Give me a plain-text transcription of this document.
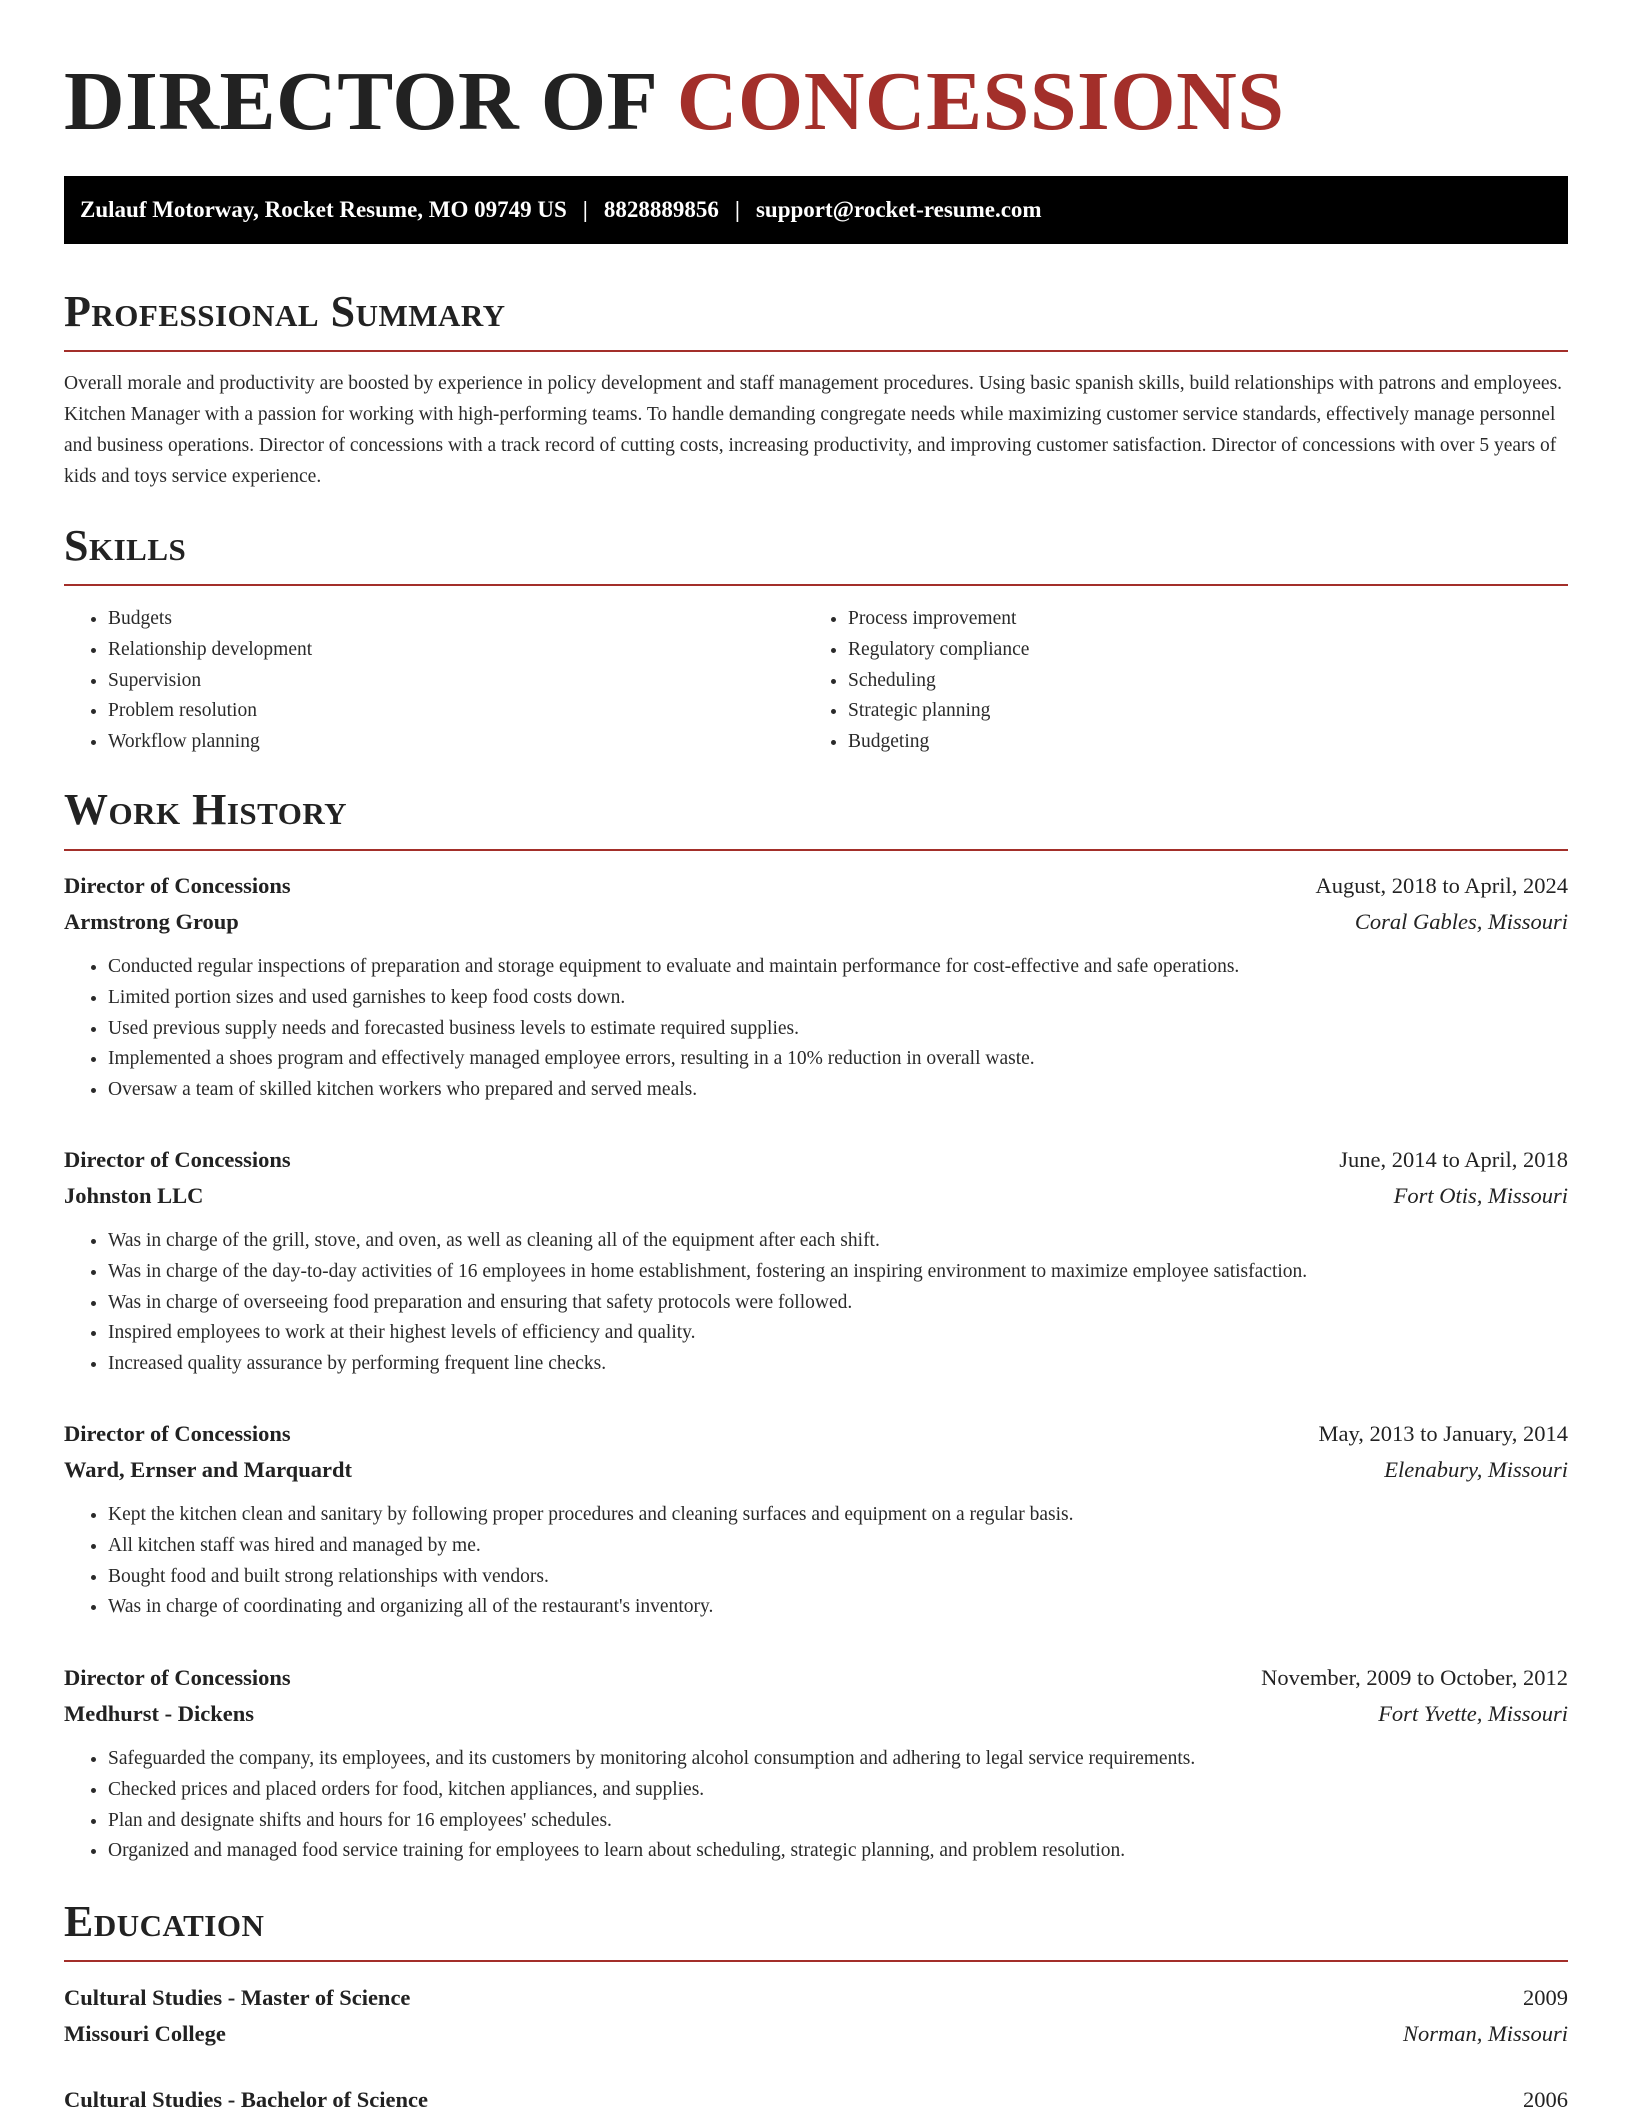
DIRECTOR OF CONCESSIONS
Zulauf Motorway, Rocket Resume, MO 09749 US | 8828889856 | support@rocket-resume.com
Professional Summary

Overall morale and productivity are boosted by experience in policy development and staff management procedures. Using basic spanish skills, build relationships with patrons and employees. Kitchen Manager with a passion for working with high-performing teams. To handle demanding congregate needs while maximizing customer service standards, effectively manage personnel and business operations. Director of concessions with a track record of cutting costs, increasing productivity, and improving customer satisfaction. Director of concessions with over 5 years of kids and toys service experience.

Skills
• Budgets
• Relationship development
• Supervision
• Problem resolution
• Workflow planning
• Process improvement
• Regulatory compliance
• Scheduling
• Strategic planning
• Budgeting
Work History
Director of Concessions	August, 2018 to April, 2024
Armstrong Group	Coral Gables, Missouri
• Conducted regular inspections of preparation and storage equipment to evaluate and maintain performance for cost-effective and safe operations.
• Limited portion sizes and used garnishes to keep food costs down.
• Used previous supply needs and forecasted business levels to estimate required supplies.
• Implemented a shoes program and effectively managed employee errors, resulting in a 10% reduction in overall waste.
• Oversaw a team of skilled kitchen workers who prepared and served meals.
Director of Concessions	June, 2014 to April, 2018
Johnston LLC	Fort Otis, Missouri
• Was in charge of the grill, stove, and oven, as well as cleaning all of the equipment after each shift.
• Was in charge of the day-to-day activities of 16 employees in home establishment, fostering an inspiring environment to maximize employee satisfaction.
• Was in charge of overseeing food preparation and ensuring that safety protocols were followed.
• Inspired employees to work at their highest levels of efficiency and quality.
• Increased quality assurance by performing frequent line checks.
Director of Concessions	May, 2013 to January, 2014
Ward, Ernser and Marquardt	Elenabury, Missouri
• Kept the kitchen clean and sanitary by following proper procedures and cleaning surfaces and equipment on a regular basis.
• All kitchen staff was hired and managed by me.
• Bought food and built strong relationships with vendors.
• Was in charge of coordinating and organizing all of the restaurant's inventory.
Director of Concessions	November, 2009 to October, 2012
Medhurst - Dickens	Fort Yvette, Missouri
• Safeguarded the company, its employees, and its customers by monitoring alcohol consumption and adhering to legal service requirements.
• Checked prices and placed orders for food, kitchen appliances, and supplies.
• Plan and designate shifts and hours for 16 employees' schedules.
• Organized and managed food service training for employees to learn about scheduling, strategic planning, and problem resolution.
Education
Cultural Studies - Master of Science	2009
Missouri College	Norman, Missouri
Cultural Studies - Bachelor of Science	2006
